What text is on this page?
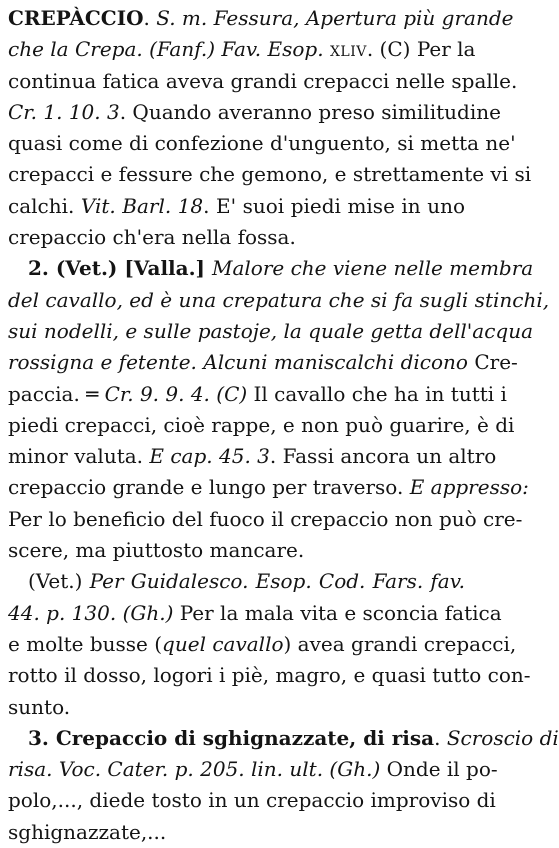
CREPÀCCIO. S. m. Fessura, Apertura più grande
che la Crepa. (Fanf.) Fav. Esop. XLIV. (C) Per la
continua fatica aveva grandi crepacci nelle spalle.
Cr. 1. 10. 3. Quando averanno preso similitudine
quasi come di confezione d'unguento, si metta ne'
crepacci e fessure che gemono, e strettamente vi si
calchi. Vit. Barl. 18. E' suoi piedi mise in uno
crepaccio ch'era nella fossa.
2. (Vet.) [Valla.] Malore che viene nelle membra
del cavallo, ed è una crepatura che si fa sugli stinchi,
sui nodelli, e sulle pastoje, la quale getta dell'acqua
rossigna e fetente. Alcuni maniscalchi dicono Cre-
paccia. ═ Cr. 9. 9. 4. (C) Il cavallo che ha in tutti i
piedi crepacci, cioè rappe, e non può guarire, è di
minor valuta. E cap. 45. 3. Fassi ancora un altro
crepaccio grande e lungo per traverso. E appresso:
Per lo beneficio del fuoco il crepaccio non può cre-
scere, ma piuttosto mancare.
(Vet.) Per Guidalesco. Esop. Cod. Fars. fav.
44. p. 130. (Gh.) Per la mala vita e sconcia fatica
e molte busse (quel cavallo) avea grandi crepacci,
rotto il dosso, logori i piè, magro, e quasi tutto con-
sunto.
3. Crepaccio di sghignazzate, di risa. Scroscio di
risa. Voc. Cater. p. 205. lin. ult. (Gh.) Onde il po-
polo,..., diede tosto in un crepaccio improviso di
sghignazzate,...
